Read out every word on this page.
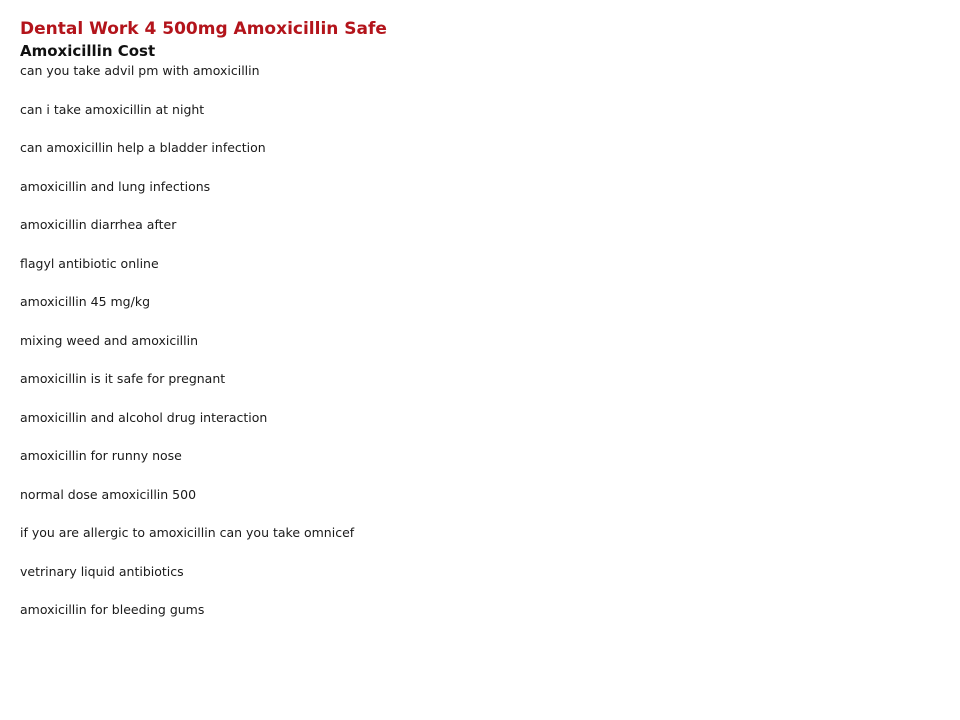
Dental Work 4 500mg Amoxicillin Safe
Amoxicillin Cost
can you take advil pm with amoxicillin
can i take amoxicillin at night
can amoxicillin help a bladder infection
amoxicillin and lung infections
amoxicillin diarrhea after
flagyl antibiotic online
amoxicillin 45 mg/kg
mixing weed and amoxicillin
amoxicillin is it safe for pregnant
amoxicillin and alcohol drug interaction
amoxicillin for runny nose
normal dose amoxicillin 500
if you are allergic to amoxicillin can you take omnicef
vetrinary liquid antibiotics
amoxicillin for bleeding gums
